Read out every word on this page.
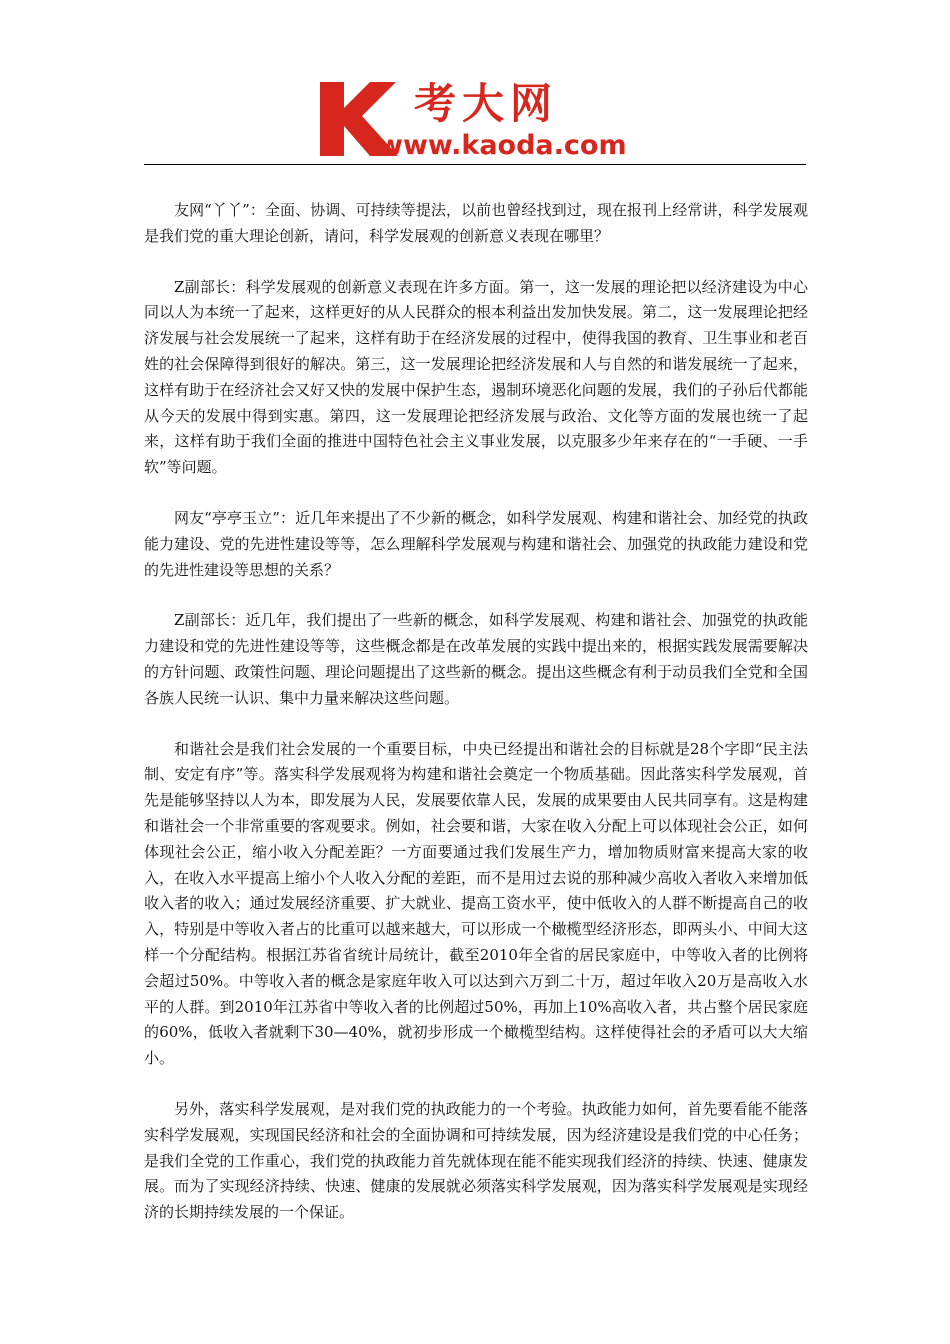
考大网
www.kaoda.com

友网“丫丫”：全面、协调、可持续等提法，以前也曾经找到过，现在报刊上经常讲，科学发展观是我们党的重大理论创新，请问，科学发展观的创新意义表现在哪里？

Z副部长：科学发展观的创新意义表现在许多方面。第一，这一发展的理论把以经济建设为中心同以人为本统一了起来，这样更好的从人民群众的根本利益出发加快发展。第二，这一发展理论把经济发展与社会发展统一了起来，这样有助于在经济发展的过程中，使得我国的教育、卫生事业和老百姓的社会保障得到很好的解决。第三，这一发展理论把经济发展和人与自然的和谐发展统一了起来，这样有助于在经济社会又好又快的发展中保护生态，遏制环境恶化问题的发展，我们的子孙后代都能从今天的发展中得到实惠。第四，这一发展理论把经济发展与政治、文化等方面的发展也统一了起来，这样有助于我们全面的推进中国特色社会主义事业发展，以克服多少年来存在的“一手硬、一手软”等问题。

网友“亭亭玉立”：近几年来提出了不少新的概念，如科学发展观、构建和谐社会、加经党的执政能力建设、党的先进性建设等等，怎么理解科学发展观与构建和谐社会、加强党的执政能力建设和党的先进性建设等思想的关系？

Z副部长：近几年，我们提出了一些新的概念，如科学发展观、构建和谐社会、加强党的执政能力建设和党的先进性建设等等，这些概念都是在改革发展的实践中提出来的，根据实践发展需要解决的方针问题、政策性问题、理论问题提出了这些新的概念。提出这些概念有利于动员我们全党和全国各族人民统一认识、集中力量来解决这些问题。

和谐社会是我们社会发展的一个重要目标，中央已经提出和谐社会的目标就是28个字即“民主法制、安定有序”等。落实科学发展观将为构建和谐社会奠定一个物质基础。因此落实科学发展观，首先是能够坚持以人为本，即发展为人民，发展要依靠人民，发展的成果要由人民共同享有。这是构建和谐社会一个非常重要的客观要求。例如，社会要和谐，大家在收入分配上可以体现社会公正，如何体现社会公正，缩小收入分配差距？一方面要通过我们发展生产力，增加物质财富来提高大家的收入，在收入水平提高上缩小个人收入分配的差距，而不是用过去说的那种减少高收入者收入来增加低收入者的收入；通过发展经济重要、扩大就业、提高工资水平，使中低收入的人群不断提高自己的收入，特别是中等收入者占的比重可以越来越大，可以形成一个橄榄型经济形态，即两头小、中间大这样一个分配结构。根据江苏省省统计局统计，截至2010年全省的居民家庭中，中等收入者的比例将会超过50%。中等收入者的概念是家庭年收入可以达到六万到二十万，超过年收入20万是高收入水平的人群。到2010年江苏省中等收入者的比例超过50%，再加上10%高收入者，共占整个居民家庭的60%，低收入者就剩下30—40%，就初步形成一个橄榄型结构。这样使得社会的矛盾可以大大缩小。

另外，落实科学发展观，是对我们党的执政能力的一个考验。执政能力如何，首先要看能不能落实科学发展观，实现国民经济和社会的全面协调和可持续发展，因为经济建设是我们党的中心任务；是我们全党的工作重心，我们党的执政能力首先就体现在能不能实现我们经济的持续、快速、健康发展。而为了实现经济持续、快速、健康的发展就必须落实科学发展观，因为落实科学发展观是实现经济的长期持续发展的一个保证。
